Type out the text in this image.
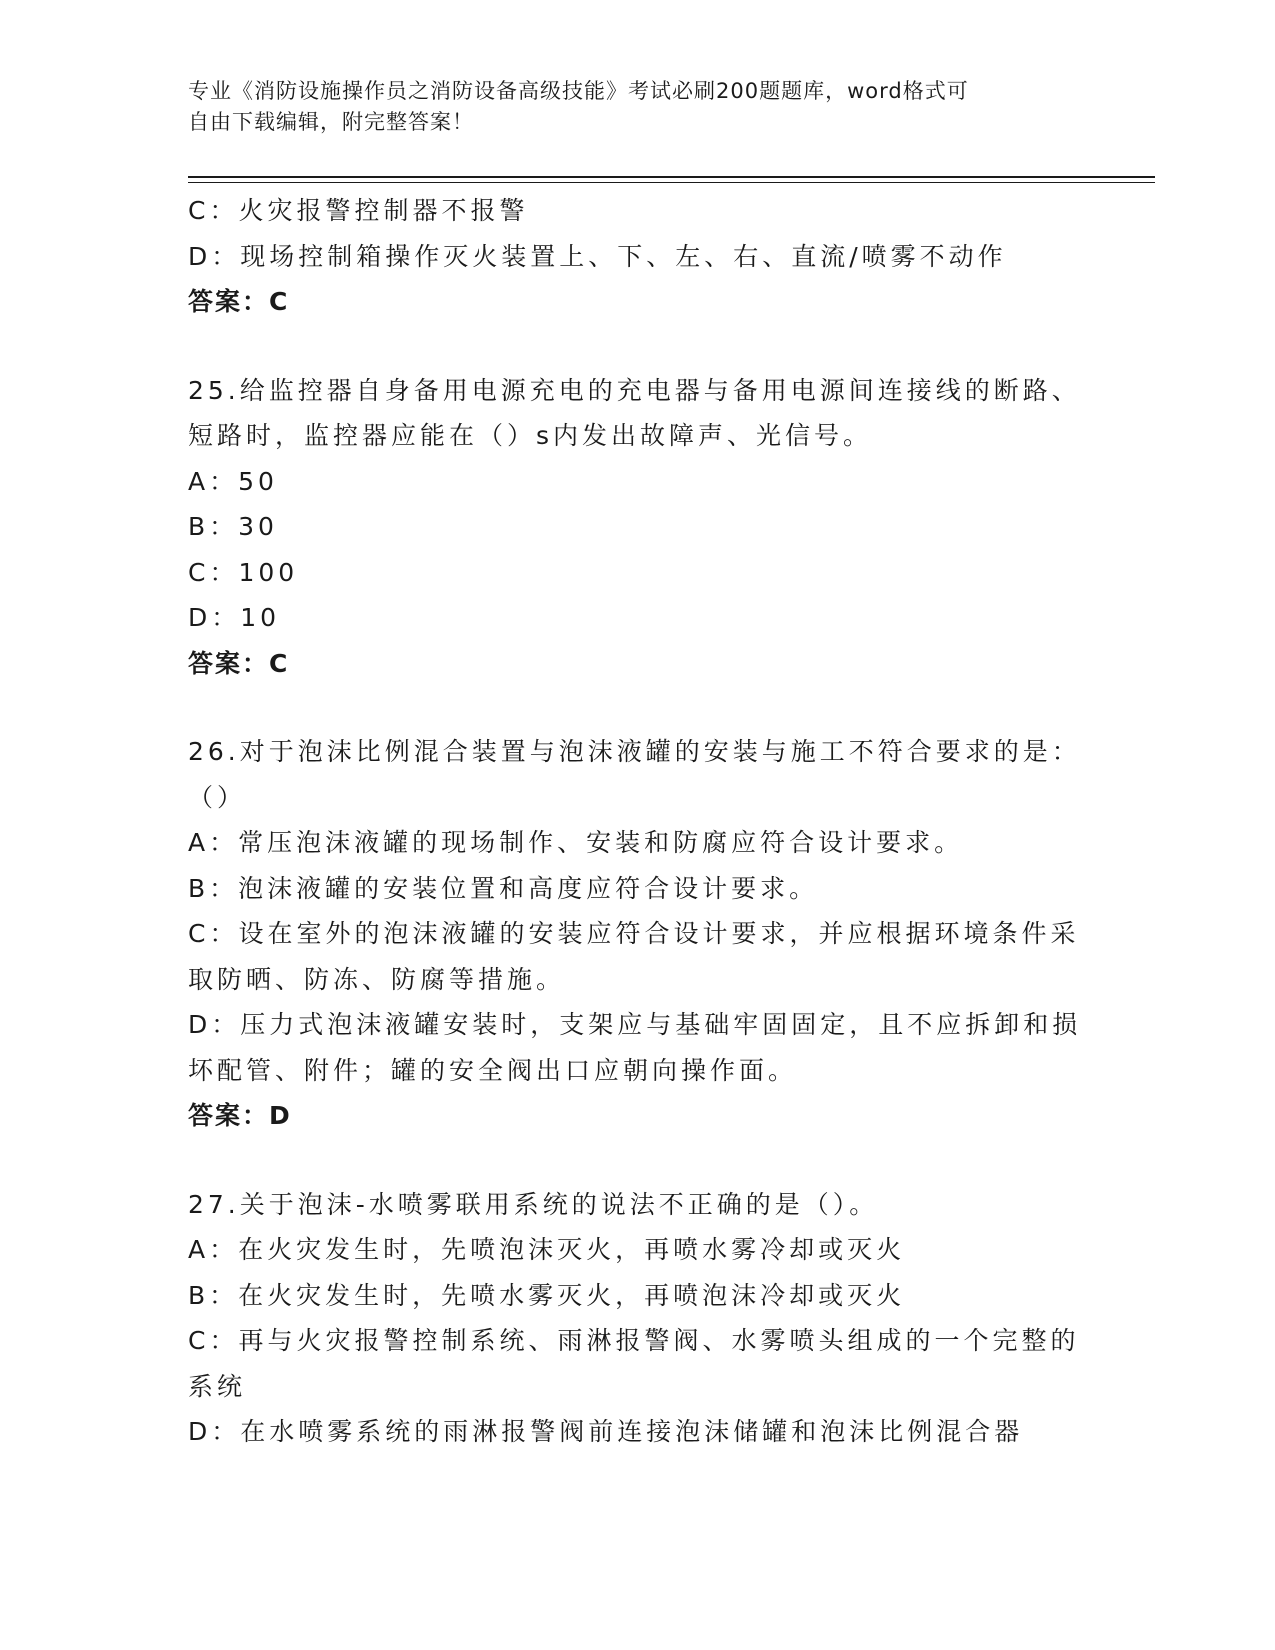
专业《消防设施操作员之消防设备高级技能》考试必刷200题题库，word格式可
自由下载编辑，附完整答案！
C：火灾报警控制器不报警
D：现场控制箱操作灭火装置上、下、左、右、直流/喷雾不动作
答案：C
25.给监控器自身备用电源充电的充电器与备用电源间连接线的断路、
短路时，监控器应能在（）s内发出故障声、光信号。
A：50
B：30
C：100
D：10
答案：C
26.对于泡沫比例混合装置与泡沫液罐的安装与施工不符合要求的是：
（）
A：常压泡沫液罐的现场制作、安装和防腐应符合设计要求。
B：泡沫液罐的安装位置和高度应符合设计要求。
C：设在室外的泡沫液罐的安装应符合设计要求，并应根据环境条件采
取防晒、防冻、防腐等措施。
D：压力式泡沫液罐安装时，支架应与基础牢固固定，且不应拆卸和损
坏配管、附件；罐的安全阀出口应朝向操作面。
答案：D
27.关于泡沫-水喷雾联用系统的说法不正确的是（）。
A：在火灾发生时，先喷泡沫灭火，再喷水雾冷却或灭火
B：在火灾发生时，先喷水雾灭火，再喷泡沫冷却或灭火
C：再与火灾报警控制系统、雨淋报警阀、水雾喷头组成的一个完整的
系统
D：在水喷雾系统的雨淋报警阀前连接泡沫储罐和泡沫比例混合器
